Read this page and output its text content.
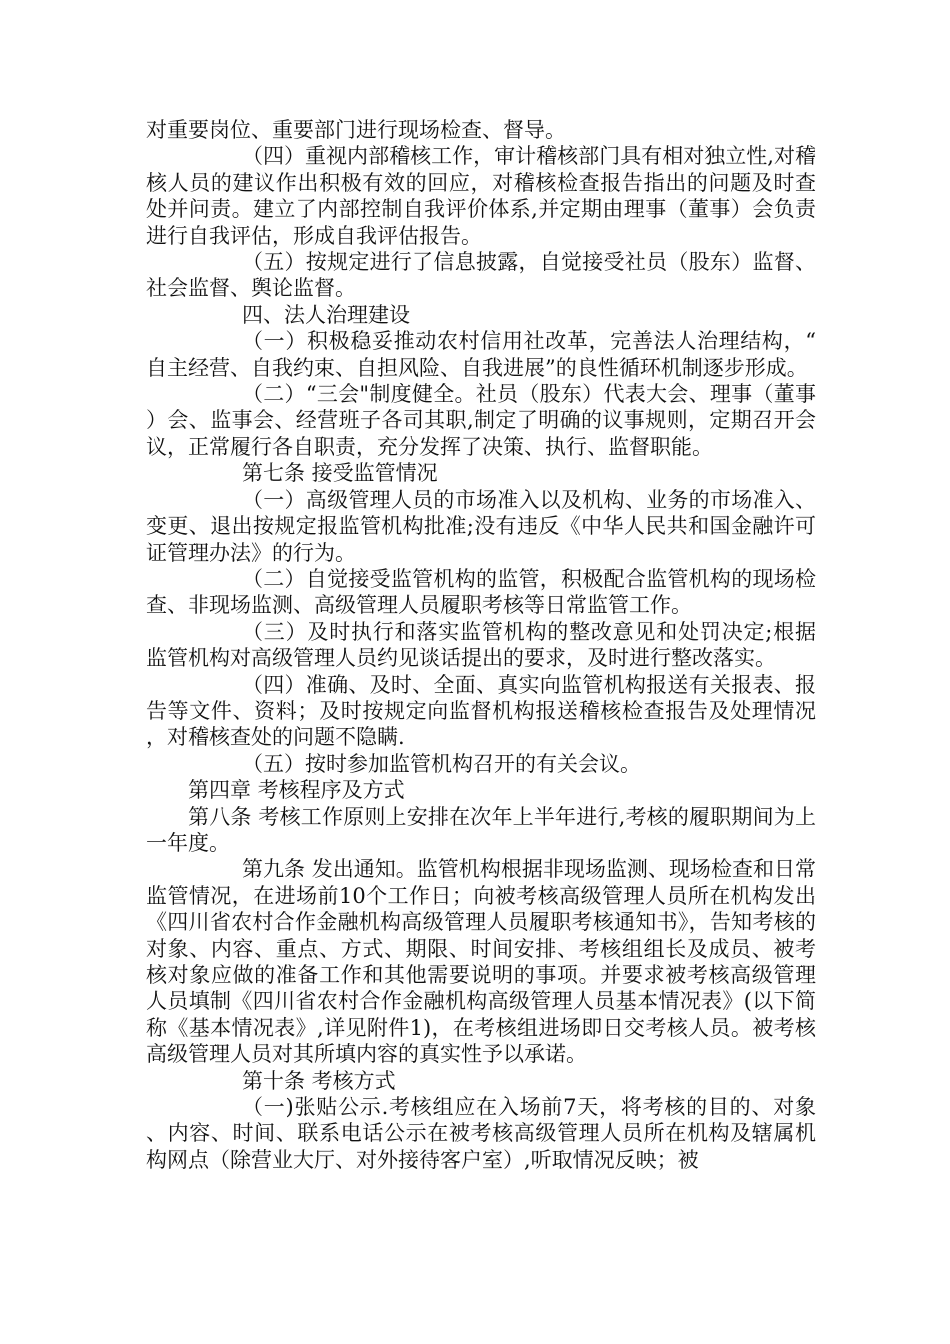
对重要岗位、重要部门进行现场检查、督导。

（四）重视内部稽核工作，审计稽核部门具有相对独立性,对稽核人员的建议作出积极有效的回应，对稽核检查报告指出的问题及时查处并问责。建立了内部控制自我评价体系,并定期由理事（董事）会负责进行自我评估，形成自我评估报告。

（五）按规定进行了信息披露，自觉接受社员（股东）监督、社会监督、舆论监督。

四、法人治理建设

（一）积极稳妥推动农村信用社改革，完善法人治理结构，“自主经营、自我约束、自担风险、自我进展”的良性循环机制逐步形成。

（二）“三会"制度健全。社员（股东）代表大会、理事（董事）会、监事会、经营班子各司其职,制定了明确的议事规则，定期召开会议，正常履行各自职责，充分发挥了决策、执行、监督职能。

第七条 接受监管情况

（一）高级管理人员的市场准入以及机构、业务的市场准入、变更、退出按规定报监管机构批准;没有违反《中华人民共和国金融许可证管理办法》的行为。

（二）自觉接受监管机构的监管，积极配合监管机构的现场检查、非现场监测、高级管理人员履职考核等日常监管工作。

（三）及时执行和落实监管机构的整改意见和处罚决定;根据监管机构对高级管理人员约见谈话提出的要求，及时进行整改落实。

（四）准确、及时、全面、真实向监管机构报送有关报表、报告等文件、资料；及时按规定向监督机构报送稽核检查报告及处理情况，对稽核查处的问题不隐瞒.

（五）按时参加监管机构召开的有关会议。

第四章 考核程序及方式

第八条 考核工作原则上安排在次年上半年进行,考核的履职期间为上一年度。

第九条 发出通知。监管机构根据非现场监测、现场检查和日常监管情况，在进场前10个工作日；向被考核高级管理人员所在机构发出《四川省农村合作金融机构高级管理人员履职考核通知书》，告知考核的对象、内容、重点、方式、期限、时间安排、考核组组长及成员、被考核对象应做的准备工作和其他需要说明的事项。并要求被考核高级管理人员填制《四川省农村合作金融机构高级管理人员基本情况表》(以下简称《基本情况表》,详见附件1)，在考核组进场即日交考核人员。被考核高级管理人员对其所填内容的真实性予以承诺。

第十条 考核方式

（一)张贴公示.考核组应在入场前7天，将考核的目的、对象、内容、时间、联系电话公示在被考核高级管理人员所在机构及辖属机构网点（除营业大厅、对外接待客户室）,听取情况反映；被
